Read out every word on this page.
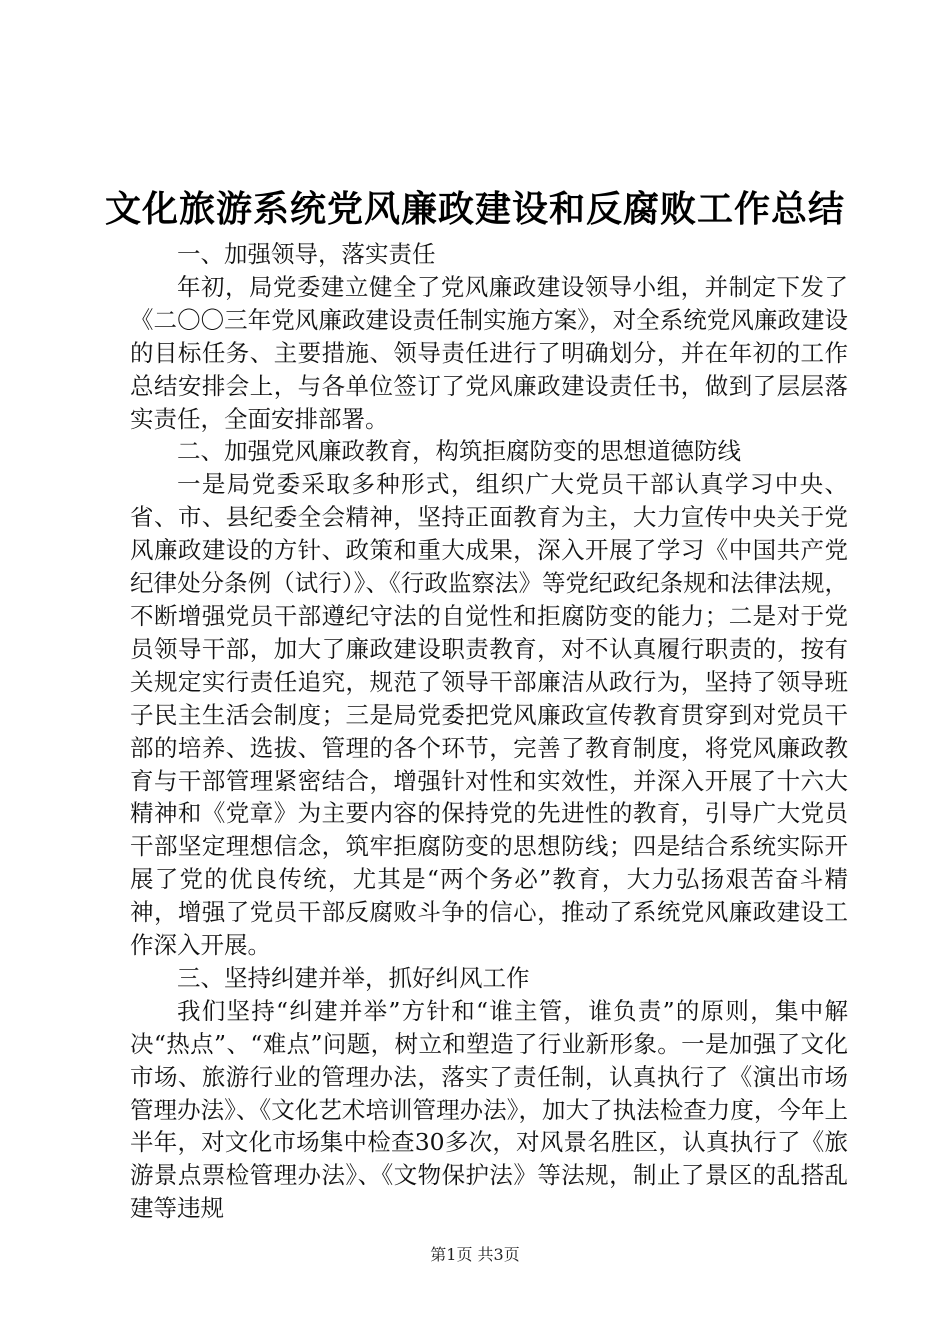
文化旅游系统党风廉政建设和反腐败工作总结

一、加强领导，落实责任

年初，局党委建立健全了党风廉政建设领导小组，并制定下发了《二〇〇三年党风廉政建设责任制实施方案》，对全系统党风廉政建设的目标任务、主要措施、领导责任进行了明确划分，并在年初的工作总结安排会上，与各单位签订了党风廉政建设责任书，做到了层层落实责任，全面安排部署。

二、加强党风廉政教育，构筑拒腐防变的思想道德防线

一是局党委采取多种形式，组织广大党员干部认真学习中央、省、市、县纪委全会精神，坚持正面教育为主，大力宣传中央关于党风廉政建设的方针、政策和重大成果，深入开展了学习《中国共产党纪律处分条例（试行）》、《行政监察法》等党纪政纪条规和法律法规，不断增强党员干部遵纪守法的自觉性和拒腐防变的能力；二是对于党员领导干部，加大了廉政建设职责教育，对不认真履行职责的，按有关规定实行责任追究，规范了领导干部廉洁从政行为，坚持了领导班子民主生活会制度；三是局党委把党风廉政宣传教育贯穿到对党员干部的培养、选拔、管理的各个环节，完善了教育制度，将党风廉政教育与干部管理紧密结合，增强针对性和实效性，并深入开展了十六大精神和《党章》为主要内容的保持党的先进性的教育，引导广大党员干部坚定理想信念，筑牢拒腐防变的思想防线；四是结合系统实际开展了党的优良传统，尤其是“两个务必”教育，大力弘扬艰苦奋斗精神，增强了党员干部反腐败斗争的信心，推动了系统党风廉政建设工作深入开展。

三、坚持纠建并举，抓好纠风工作

我们坚持“纠建并举”方针和“谁主管，谁负责”的原则，集中解决“热点”、“难点”问题，树立和塑造了行业新形象。一是加强了文化市场、旅游行业的管理办法，落实了责任制，认真执行了《演出市场管理办法》、《文化艺术培训管理办法》，加大了执法检查力度，今年上半年，对文化市场集中检查30多次，对风景名胜区，认真执行了《旅游景点票检管理办法》、《文物保护法》等法规，制止了景区的乱搭乱建等违规

第1页 共3页
